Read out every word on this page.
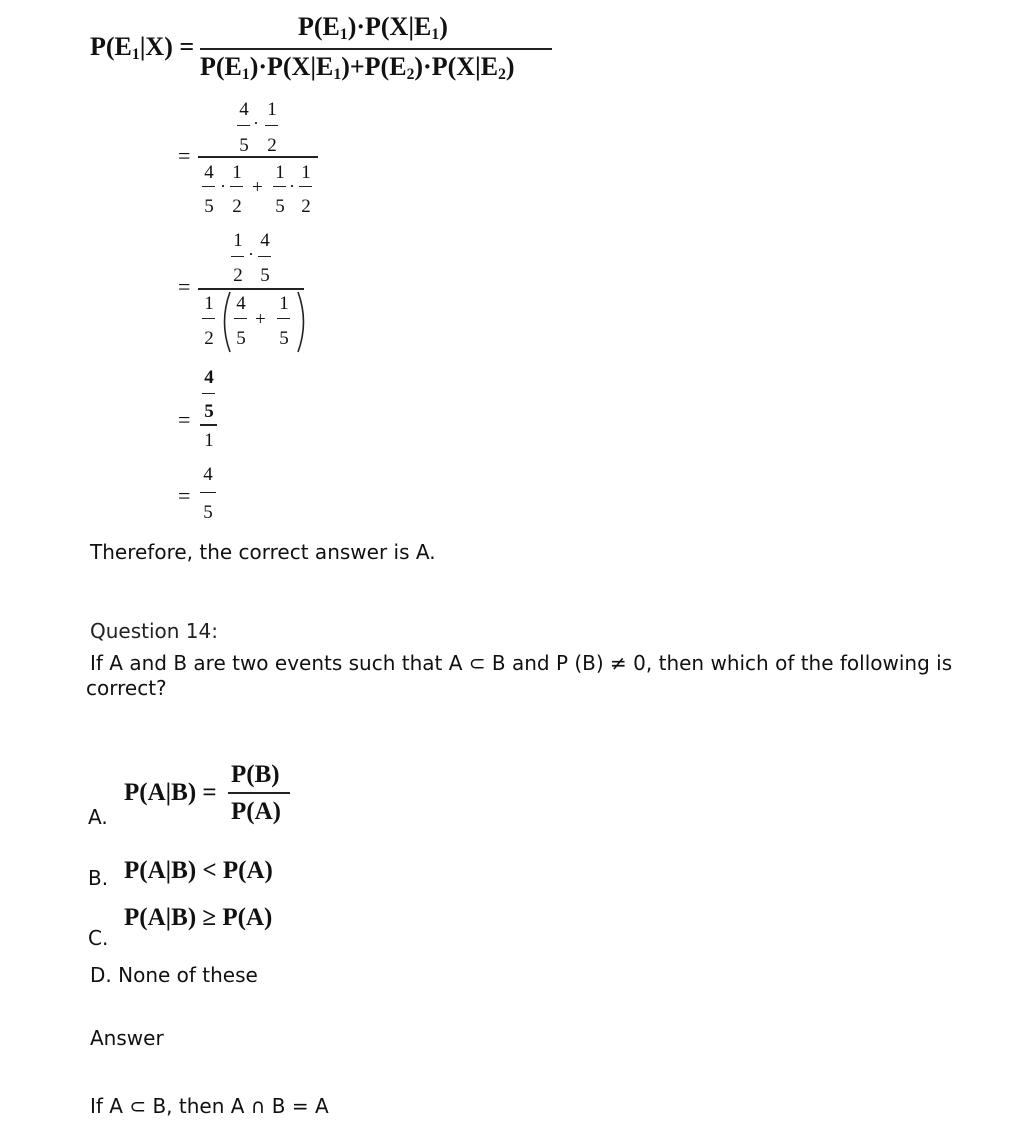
$P(E_1|X)$ =
$P(E_1)\cdot P(X|E_1)$
$P(E_1)\cdot P(X|E_1)+P(E_2)\cdot P(X|E_2)$
=
4
5
·
1
2
4
5
·
1
2
+
1
5
·
1
2
=
1
2
·
4
5
1
2
4
5
+
1
5
=
4
5
1
=
4
5
Therefore, the correct answer is A.
Question 14:
If A and B are two events such that A ⊂ B and P (B) ≠ 0, then which of the following is
correct?
A.
P(A|B) =
P(B)
P(A)
B. P(A|B) < P(A)
C.
P(A|B) ≥ P(A)
D. None of these
Answer
If A ⊂ B, then A ∩ B = A
